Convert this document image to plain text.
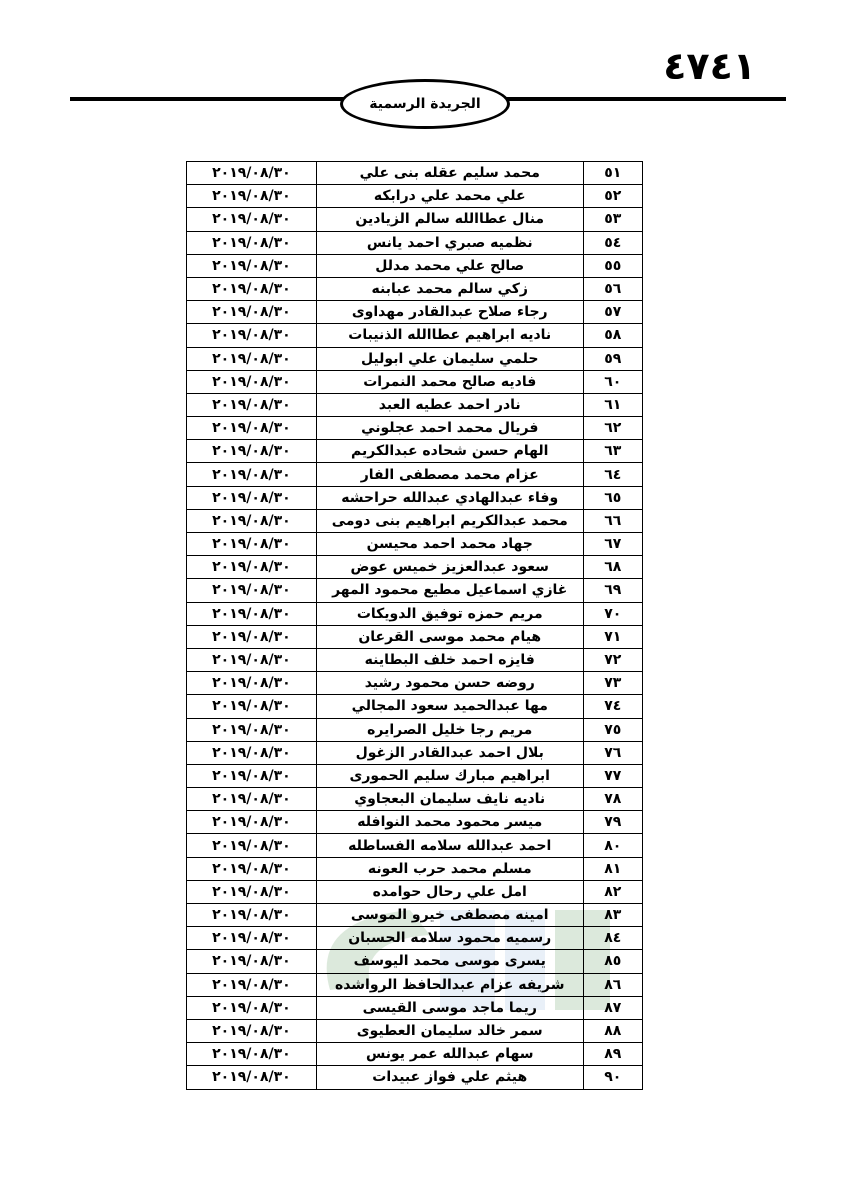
٤٧٤١
الجريدة الرسمية
٥١	محمد سليم عقله بنى علي	٢٠١٩/٠٨/٣٠
٥٢	علي محمد علي درابكه	٢٠١٩/٠٨/٣٠
٥٣	منال عطاالله سالم الزيادين	٢٠١٩/٠٨/٣٠
٥٤	نظميه صبري احمد يانس	٢٠١٩/٠٨/٣٠
٥٥	صالح علي محمد مدلل	٢٠١٩/٠٨/٣٠
٥٦	زكي سالم محمد عبابنه	٢٠١٩/٠٨/٣٠
٥٧	رجاء صلاح عبدالقادر مهداوى	٢٠١٩/٠٨/٣٠
٥٨	ناديه ابراهيم عطاالله الذنيبات	٢٠١٩/٠٨/٣٠
٥٩	حلمي سليمان علي ابوليل	٢٠١٩/٠٨/٣٠
٦٠	فاديه صالح محمد النمرات	٢٠١٩/٠٨/٣٠
٦١	نادر احمد عطيه العبد	٢٠١٩/٠٨/٣٠
٦٢	فريال محمد احمد عجلوني	٢٠١٩/٠٨/٣٠
٦٣	الهام حسن شحاده عبدالكريم	٢٠١٩/٠٨/٣٠
٦٤	عزام محمد مصطفى الفار	٢٠١٩/٠٨/٣٠
٦٥	وفاء عبدالهادي عبدالله حراحشه	٢٠١٩/٠٨/٣٠
٦٦	محمد عبدالكريم ابراهيم بنى دومى	٢٠١٩/٠٨/٣٠
٦٧	جهاد محمد احمد محيسن	٢٠١٩/٠٨/٣٠
٦٨	سعود عبدالعزيز خميس عوض	٢٠١٩/٠٨/٣٠
٦٩	غازي اسماعيل مطيع محمود المهر	٢٠١٩/٠٨/٣٠
٧٠	مريم حمزه توفيق الدويكات	٢٠١٩/٠٨/٣٠
٧١	هيام محمد موسى القرعان	٢٠١٩/٠٨/٣٠
٧٢	فايزه احمد خلف البطاينه	٢٠١٩/٠٨/٣٠
٧٣	روضه حسن محمود رشيد	٢٠١٩/٠٨/٣٠
٧٤	مها عبدالحميد سعود المجالي	٢٠١٩/٠٨/٣٠
٧٥	مريم رجا خليل الصرايره	٢٠١٩/٠٨/٣٠
٧٦	بلال احمد عبدالقادر الزغول	٢٠١٩/٠٨/٣٠
٧٧	ابراهيم مبارك سليم الحمورى	٢٠١٩/٠٨/٣٠
٧٨	ناديه نايف سليمان البعجاوي	٢٠١٩/٠٨/٣٠
٧٩	ميسر محمود محمد النوافله	٢٠١٩/٠٨/٣٠
٨٠	احمد عبدالله سلامه الفساطله	٢٠١٩/٠٨/٣٠
٨١	مسلم محمد حرب العونه	٢٠١٩/٠٨/٣٠
٨٢	امل علي رحال حوامده	٢٠١٩/٠٨/٣٠
٨٣	امينه مصطفى خيرو الموسى	٢٠١٩/٠٨/٣٠
٨٤	رسميه محمود سلامه الحسبان	٢٠١٩/٠٨/٣٠
٨٥	يسرى موسى محمد اليوسف	٢٠١٩/٠٨/٣٠
٨٦	شريفه عزام عبدالحافظ الرواشده	٢٠١٩/٠٨/٣٠
٨٧	ريما ماجد موسى القيسى	٢٠١٩/٠٨/٣٠
٨٨	سمر خالد سليمان العطيوى	٢٠١٩/٠٨/٣٠
٨٩	سهام عبدالله عمر يونس	٢٠١٩/٠٨/٣٠
٩٠	هيثم علي فواز عبيدات	٢٠١٩/٠٨/٣٠
